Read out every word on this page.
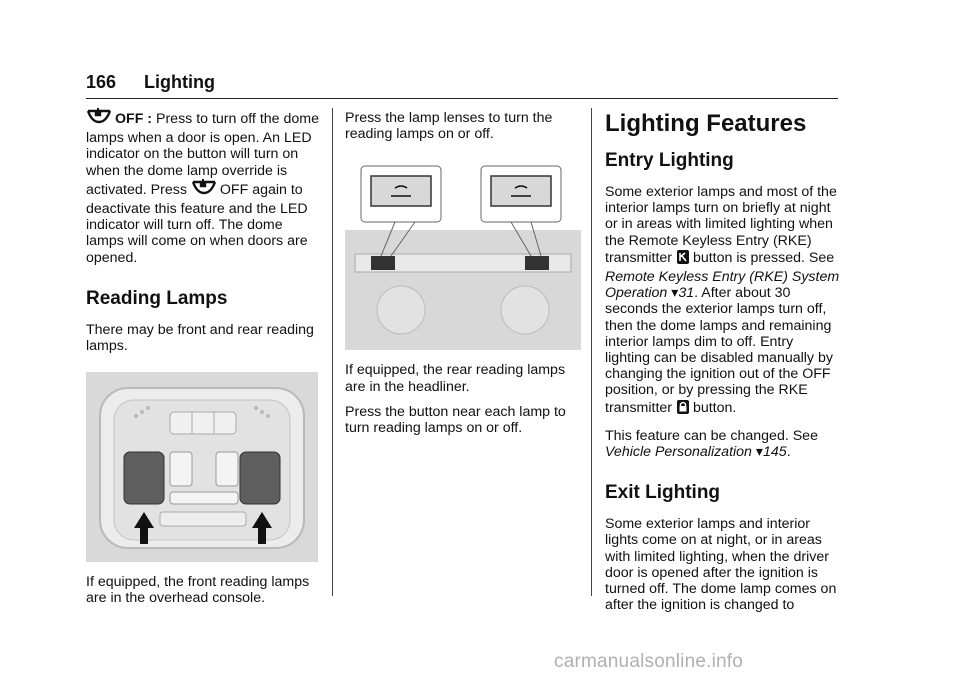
166 Lighting

OFF : Press to turn off the dome lamps when a door is open. An LED indicator on the button will turn on when the dome lamp override is activated. Press OFF again to deactivate this feature and the LED indicator will turn off. The dome lamps will come on when doors are opened.

Reading Lamps

There may be front and rear reading lamps.

If equipped, the front reading lamps are in the overhead console.

Press the lamp lenses to turn the reading lamps on or off.

If equipped, the rear reading lamps are in the headliner.

Press the button near each lamp to turn reading lamps on or off.

Lighting Features
Entry Lighting

Some exterior lamps and most of the interior lamps turn on briefly at night or in areas with limited lighting when the Remote Keyless Entry (RKE) transmitter button is pressed. See Remote Keyless Entry (RKE) System Operation ▾31. After about 30 seconds the exterior lamps turn off, then the dome lamps and remaining interior lamps dim to off. Entry lighting can be disabled manually by changing the ignition out of the OFF position, or by pressing the RKE transmitter button.

This feature can be changed. See Vehicle Personalization ▾145.

Exit Lighting

Some exterior lamps and interior lights come on at night, or in areas with limited lighting, when the driver door is opened after the ignition is turned off. The dome lamp comes on after the ignition is changed to

carmanualsonline.info
